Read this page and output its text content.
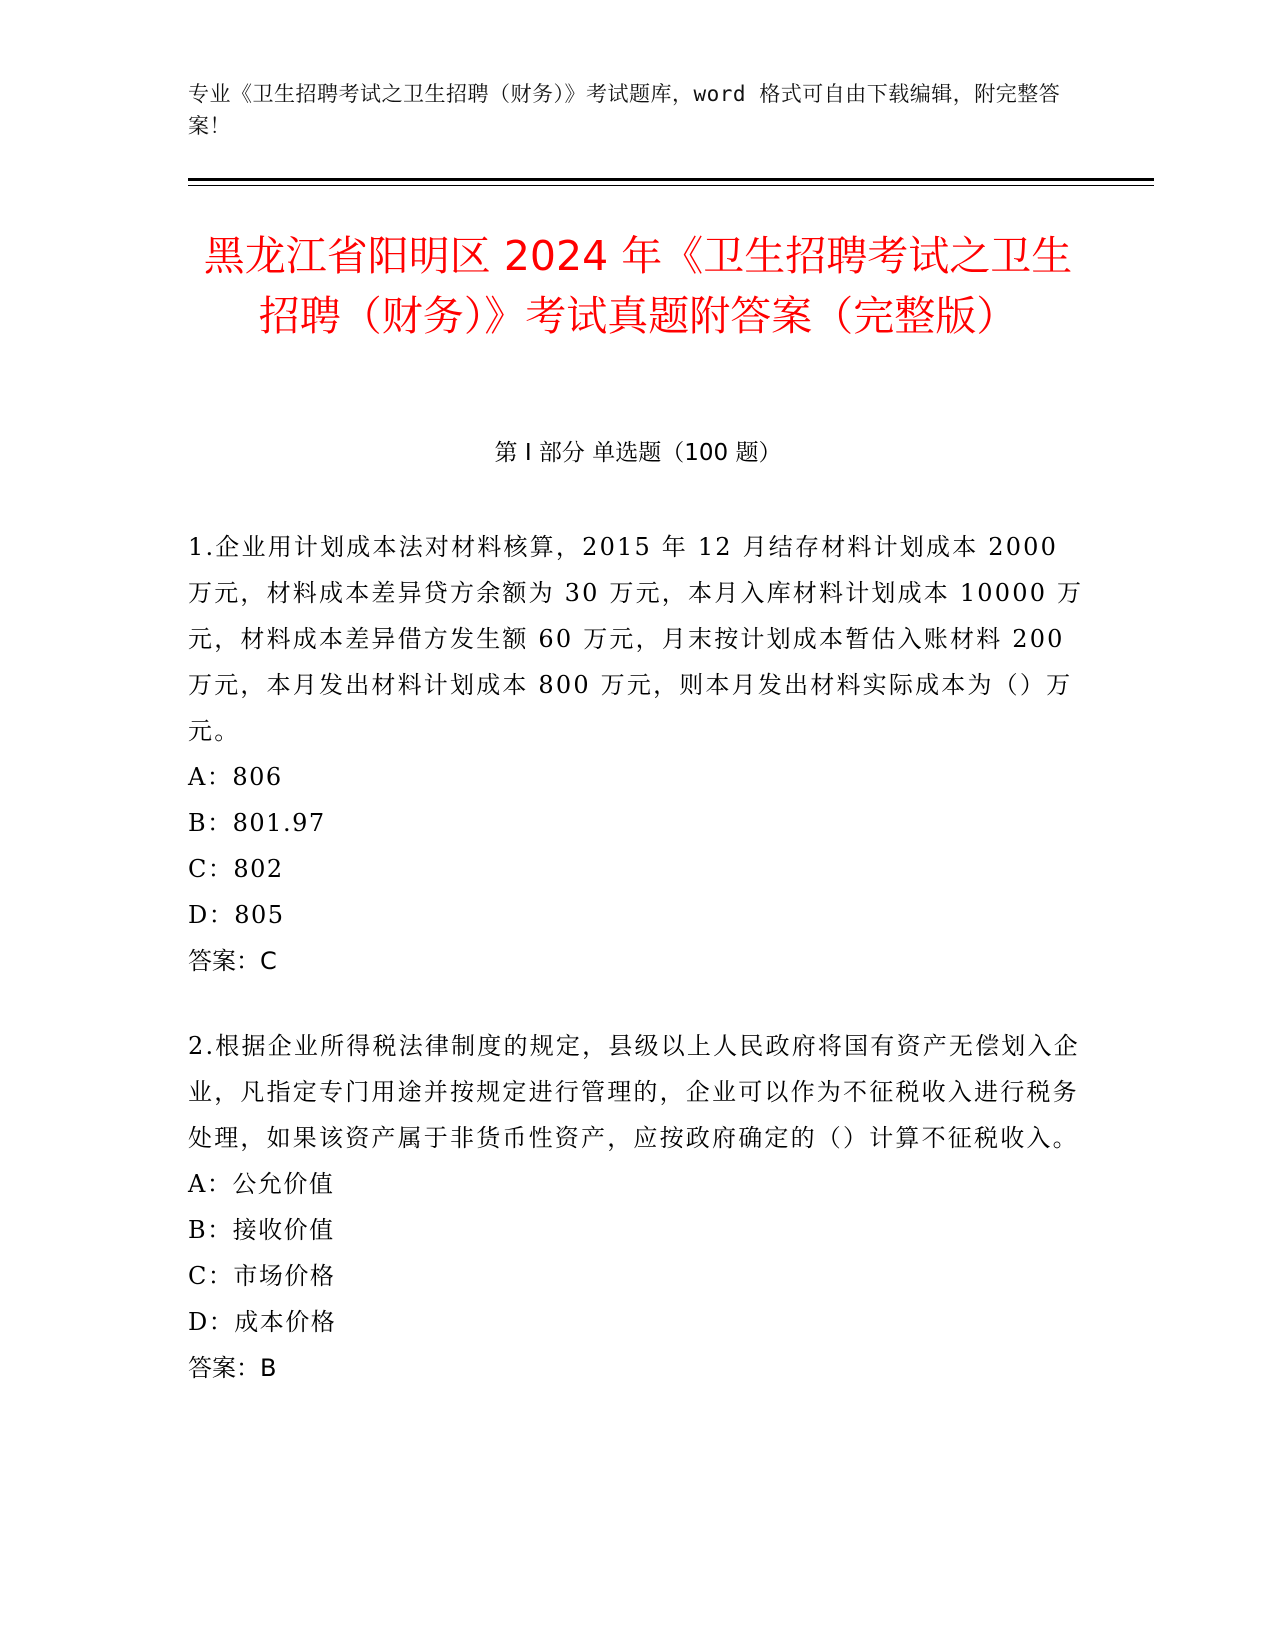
专业《卫生招聘考试之卫生招聘（财务）》考试题库，word 格式可自由下载编辑，附完整答案！
黑龙江省阳明区 2024 年《卫生招聘考试之卫生招聘（财务）》考试真题附答案（完整版）
第 I 部分 单选题（100 题）

1.企业用计划成本法对材料核算，2015 年 12 月结存材料计划成本 2000 万元，材料成本差异贷方余额为 30 万元，本月入库材料计划成本 10000 万元，材料成本差异借方发生额 60 万元，月末按计划成本暂估入账材料 200 万元，本月发出材料计划成本 800 万元，则本月发出材料实际成本为（）万元。

A：806

B：801.97

C：802

D：805

答案：C

2.根据企业所得税法律制度的规定，县级以上人民政府将国有资产无偿划入企业，凡指定专门用途并按规定进行管理的，企业可以作为不征税收入进行税务处理，如果该资产属于非货币性资产，应按政府确定的（）计算不征税收入。

A：公允价值

B：接收价值

C：市场价格

D：成本价格

答案：B
